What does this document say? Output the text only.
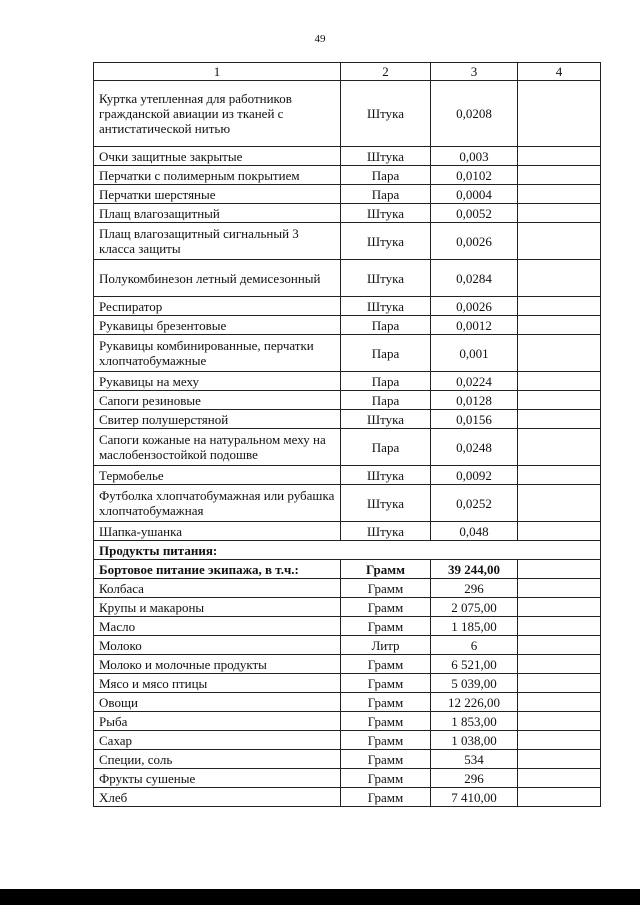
49
1	2	3	4
Куртка утепленная для работников гражданской авиации из тканей с антистатической нитью	Штука	0,0208	
Очки защитные закрытые	Штука	0,003	
Перчатки с полимерным покрытием	Пара	0,0102	
Перчатки шерстяные	Пара	0,0004	
Плащ влагозащитный	Штука	0,0052	
Плащ влагозащитный сигнальный 3 класса защиты	Штука	0,0026	
Полукомбинезон летный демисезонный	Штука	0,0284	
Респиратор	Штука	0,0026	
Рукавицы брезентовые	Пара	0,0012	
Рукавицы комбинированные, перчатки хлопчатобумажные	Пара	0,001	
Рукавицы на меху	Пара	0,0224	
Сапоги резиновые	Пара	0,0128	
Свитер полушерстяной	Штука	0,0156	
Сапоги кожаные на натуральном меху на маслобензостойкой подошве	Пара	0,0248	
Термобелье	Штука	0,0092	
Футболка хлопчатобумажная или рубашка хлопчатобумажная	Штука	0,0252	
Шапка-ушанка	Штука	0,048	
Продукты питания:			
Бортовое питание экипажа, в т.ч.:	Грамм	39 244,00	
Колбаса	Грамм	296	
Крупы и макароны	Грамм	2 075,00	
Масло	Грамм	1 185,00	
Молоко	Литр	6	
Молоко и молочные продукты	Грамм	6 521,00	
Мясо и мясо птицы	Грамм	5 039,00	
Овощи	Грамм	12 226,00	
Рыба	Грамм	1 853,00	
Сахар	Грамм	1 038,00	
Специи, соль	Грамм	534	
Фрукты сушеные	Грамм	296	
Хлеб	Грамм	7 410,00	
